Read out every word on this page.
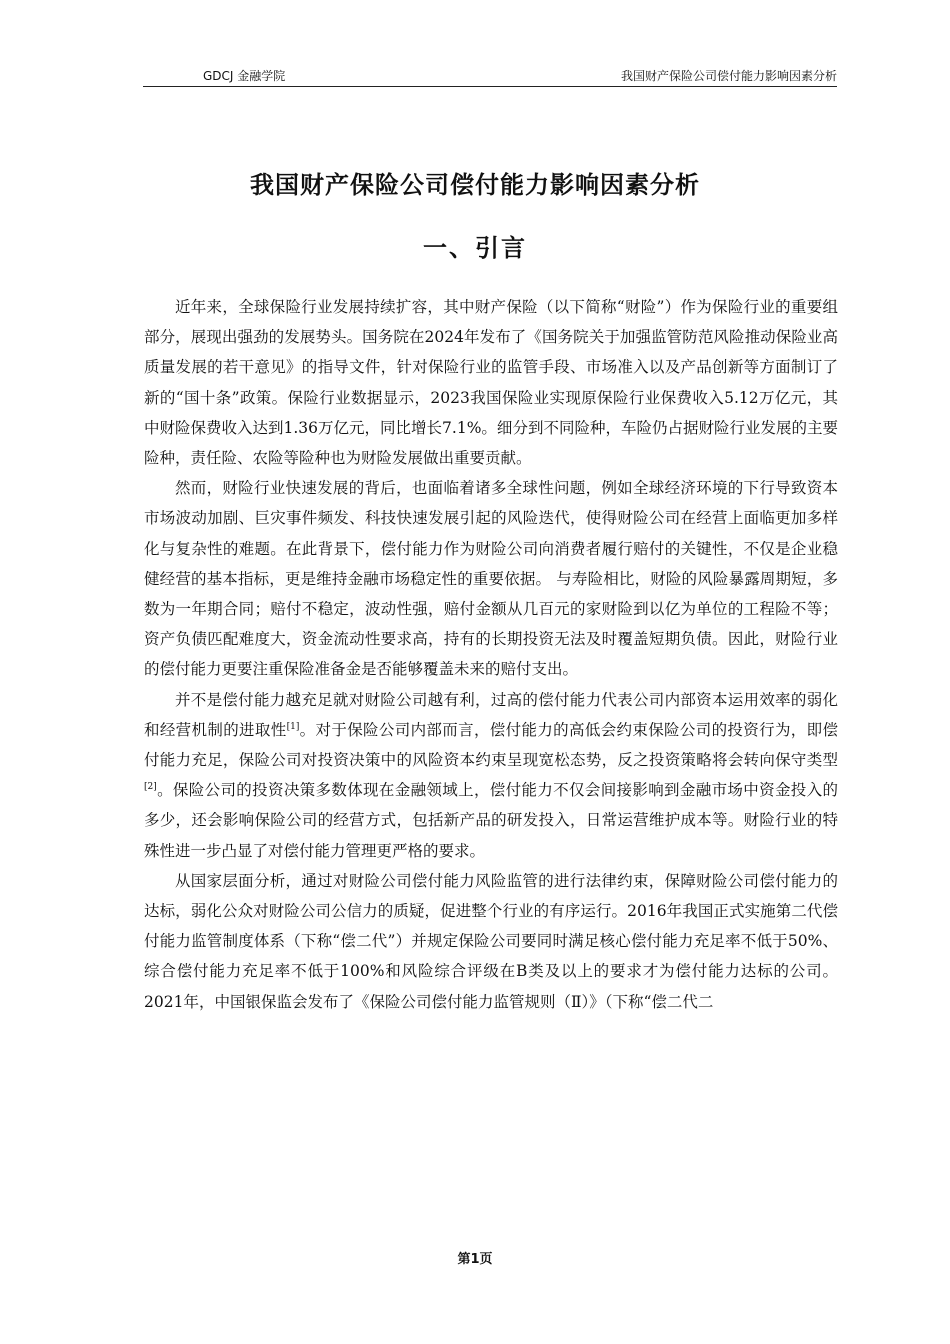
GDCJ 金融学院	我国财产保险公司偿付能力影响因素分析
我国财产保险公司偿付能力影响因素分析
一、引言

近年来，全球保险行业发展持续扩容，其中财产保险（以下简称“财险”）作为保险行业的重要组部分，展现出强劲的发展势头。国务院在2024年发布了《国务院关于加强监管防范风险推动保险业高质量发展的若干意见》的指导文件，针对保险行业的监管手段、市场准入以及产品创新等方面制订了新的“国十条”政策。保险行业数据显示，2023我国保险业实现原保险行业保费收入5.12万亿元，其中财险保费收入达到1.36万亿元，同比增长7.1%。细分到不同险种，车险仍占据财险行业发展的主要险种，责任险、农险等险种也为财险发展做出重要贡献。

然而，财险行业快速发展的背后，也面临着诸多全球性问题，例如全球经济环境的下行导致资本市场波动加剧、巨灾事件频发、科技快速发展引起的风险迭代，使得财险公司在经营上面临更加多样化与复杂性的难题。在此背景下，偿付能力作为财险公司向消费者履行赔付的关键性，不仅是企业稳健经营的基本指标，更是维持金融市场稳定性的重要依据。 与寿险相比，财险的风险暴露周期短，多数为一年期合同；赔付不稳定，波动性强，赔付金额从几百元的家财险到以亿为单位的工程险不等；资产负债匹配难度大，资金流动性要求高，持有的长期投资无法及时覆盖短期负债。因此，财险行业的偿付能力更要注重保险准备金是否能够覆盖未来的赔付支出。

并不是偿付能力越充足就对财险公司越有利，过高的偿付能力代表公司内部资本运用效率的弱化和经营机制的进取性[1]。对于保险公司内部而言，偿付能力的高低会约束保险公司的投资行为，即偿付能力充足，保险公司对投资决策中的风险资本约束呈现宽松态势，反之投资策略将会转向保守类型[2]。保险公司的投资决策多数体现在金融领域上，偿付能力不仅会间接影响到金融市场中资金投入的多少，还会影响保险公司的经营方式，包括新产品的研发投入，日常运营维护成本等。财险行业的特殊性进一步凸显了对偿付能力管理更严格的要求。

从国家层面分析，通过对财险公司偿付能力风险监管的进行法律约束，保障财险公司偿付能力的达标，弱化公众对财险公司公信力的质疑，促进整个行业的有序运行。2016年我国正式实施第二代偿付能力监管制度体系（下称“偿二代”）并规定保险公司要同时满足核心偿付能力充足率不低于50%、综合偿付能力充足率不低于100%和风险综合评级在B类及以上的要求才为偿付能力达标的公司。2021年，中国银保监会发布了《保险公司偿付能力监管规则（Ⅱ）》（下称“偿二代二

第1页
